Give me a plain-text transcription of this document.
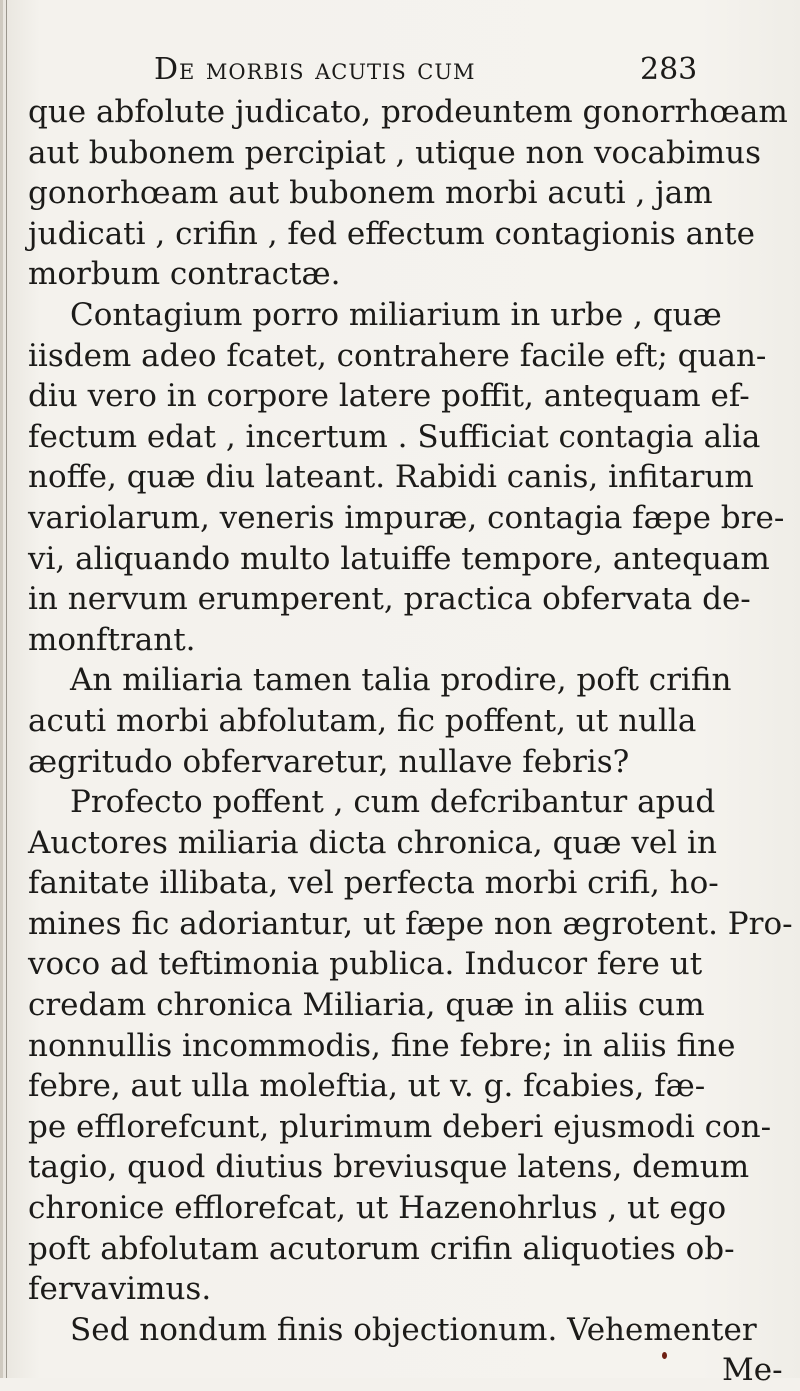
De morbis acutis cum	283
que abfolute judicato, prodeuntem gonorrhœam
aut bubonem percipiat , utique non vocabimus
gonorhœam aut bubonem morbi acuti , jam
judicati , crifin , fed effectum contagionis ante
morbum contractæ.
Contagium porro miliarium in urbe , quæ
iisdem adeo fcatet, contrahere facile eft; quan-
diu vero in corpore latere poffit, antequam ef-
fectum edat , incertum . Sufficiat contagia alia
noffe, quæ diu lateant. Rabidi canis, infitarum
variolarum, veneris impuræ, contagia fæpe bre-
vi, aliquando multo latuiffe tempore, antequam
in nervum erumperent, practica obfervata de-
monftrant.
An miliaria tamen talia prodire, poft crifin
acuti morbi abfolutam, fic poffent, ut nulla
ægritudo obfervaretur, nullave febris?
Profecto poffent , cum defcribantur apud
Auctores miliaria dicta chronica, quæ vel in
fanitate illibata, vel perfecta morbi crifi, ho-
mines fic adoriantur, ut fæpe non ægrotent. Pro-
voco ad teftimonia publica. Inducor fere ut
credam chronica Miliaria, quæ in aliis cum
nonnullis incommodis, fine febre; in aliis fine
febre, aut ulla moleftia, ut v. g. fcabies, fæ-
pe efflorefcunt, plurimum deberi ejusmodi con-
tagio, quod diutius breviusque latens, demum
chronice efflorefcat, ut Hazenohrlus , ut ego
poft abfolutam acutorum crifin aliquoties ob-
fervavimus.
Sed nondum finis objectionum. Vehementer
Me-
